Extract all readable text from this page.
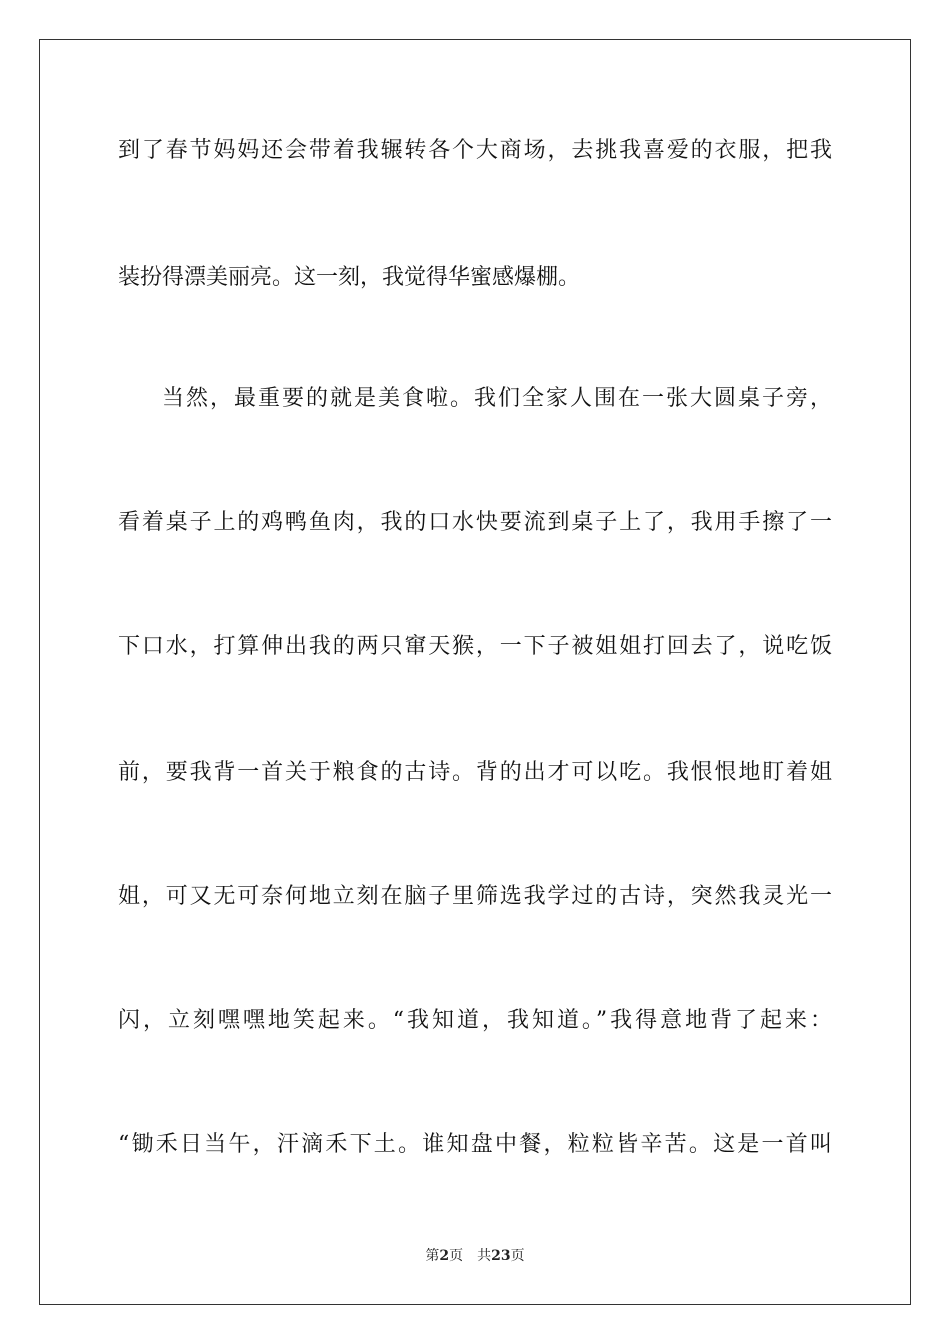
到了春节妈妈还会带着我辗转各个大商场，去挑我喜爱的衣服，把我
装扮得漂美丽亮。这一刻，我觉得华蜜感爆棚。
当然，最重要的就是美食啦。我们全家人围在一张大圆桌子旁，
看着桌子上的鸡鸭鱼肉，我的口水快要流到桌子上了，我用手擦了一
下口水，打算伸出我的两只窜天猴，一下子被姐姐打回去了，说吃饭
前，要我背一首关于粮食的古诗。背的出才可以吃。我恨恨地盯着姐
姐，可又无可奈何地立刻在脑子里筛选我学过的古诗，突然我灵光一
闪，立刻嘿嘿地笑起来。“我知道，我知道。”我得意地背了起来：
“锄禾日当午，汗滴禾下土。谁知盘中餐，粒粒皆辛苦。这是一首叫
第2页 共23页
